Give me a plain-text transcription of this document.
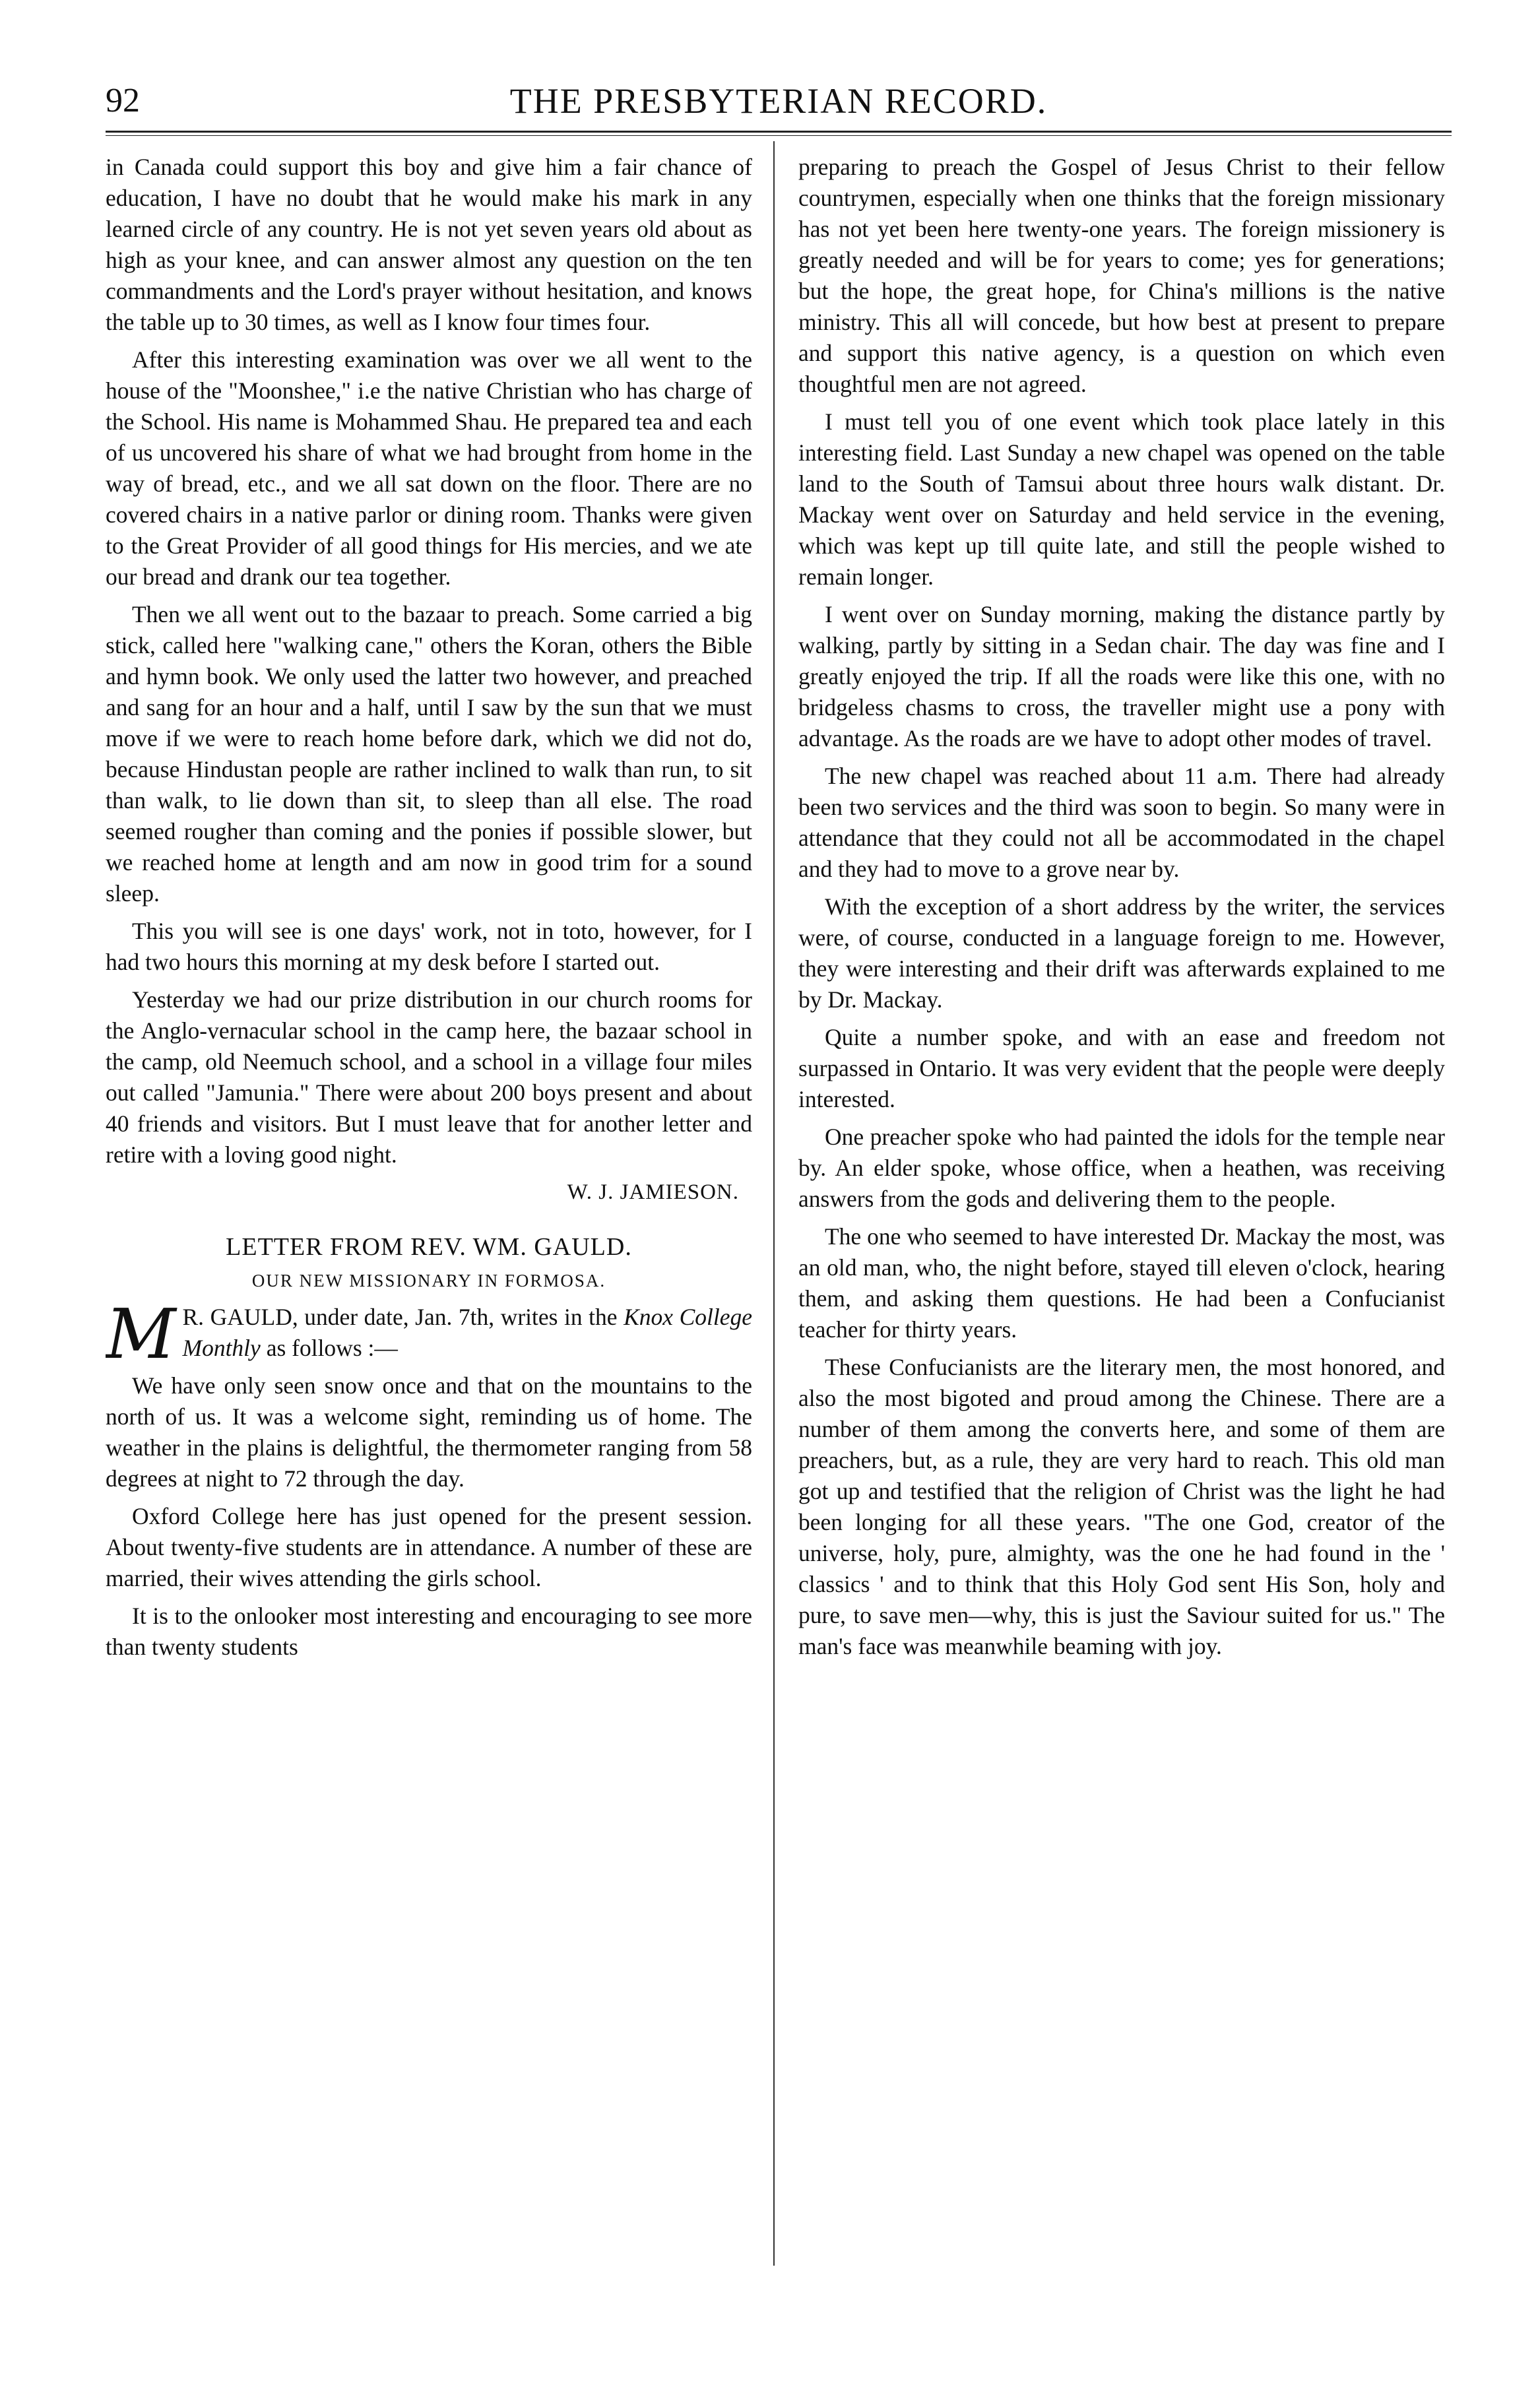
92	THE PRESBYTERIAN RECORD.

in Canada could support this boy and give him a fair chance of education, I have no doubt that he would make his mark in any learned circle of any country. He is not yet seven years old about as high as your knee, and can answer almost any question on the ten commandments and the Lord's prayer without hesitation, and knows the table up to 30 times, as well as I know four times four.

After this interesting examination was over we all went to the house of the "Moonshee," i.e the native Christian who has charge of the School. His name is Mohammed Shau. He prepared tea and each of us uncovered his share of what we had brought from home in the way of bread, etc., and we all sat down on the floor. There are no covered chairs in a native parlor or dining room. Thanks were given to the Great Provider of all good things for His mercies, and we ate our bread and drank our tea together.

Then we all went out to the bazaar to preach. Some carried a big stick, called here "walking cane," others the Koran, others the Bible and hymn book. We only used the latter two however, and preached and sang for an hour and a half, until I saw by the sun that we must move if we were to reach home before dark, which we did not do, because Hindustan people are rather inclined to walk than run, to sit than walk, to lie down than sit, to sleep than all else. The road seemed rougher than coming and the ponies if possible slower, but we reached home at length and am now in good trim for a sound sleep.

This you will see is one days' work, not in toto, however, for I had two hours this morning at my desk before I started out.

Yesterday we had our prize distribution in our church rooms for the Anglo-vernacular school in the camp here, the bazaar school in the camp, old Neemuch school, and a school in a village four miles out called "Jamunia." There were about 200 boys present and about 40 friends and visitors. But I must leave that for another letter and retire with a loving good night.

W. J. JAMIESON.
LETTER FROM REV. WM. GAULD.
OUR NEW MISSIONARY IN FORMOSA.

M R. GAULD, under date, Jan. 7th, writes in the Knox College Monthly as follows :—

We have only seen snow once and that on the mountains to the north of us. It was a welcome sight, reminding us of home. The weather in the plains is delightful, the thermometer ranging from 58 degrees at night to 72 through the day.

Oxford College here has just opened for the present session. About twenty-five students are in attendance. A number of these are married, their wives attending the girls school.

It is to the onlooker most interesting and encouraging to see more than twenty students

preparing to preach the Gospel of Jesus Christ to their fellow countrymen, especially when one thinks that the foreign missionary has not yet been here twenty-one years. The foreign missionery is greatly needed and will be for years to come; yes for generations; but the hope, the great hope, for China's millions is the native ministry. This all will concede, but how best at present to prepare and support this native agency, is a question on which even thoughtful men are not agreed.

I must tell you of one event which took place lately in this interesting field. Last Sunday a new chapel was opened on the table land to the South of Tamsui about three hours walk distant. Dr. Mackay went over on Saturday and held service in the evening, which was kept up till quite late, and still the people wished to remain longer.

I went over on Sunday morning, making the distance partly by walking, partly by sitting in a Sedan chair. The day was fine and I greatly enjoyed the trip. If all the roads were like this one, with no bridgeless chasms to cross, the traveller might use a pony with advantage. As the roads are we have to adopt other modes of travel.

The new chapel was reached about 11 a.m. There had already been two services and the third was soon to begin. So many were in attendance that they could not all be accommodated in the chapel and they had to move to a grove near by.

With the exception of a short address by the writer, the services were, of course, conducted in a language foreign to me. However, they were interesting and their drift was afterwards explained to me by Dr. Mackay.

Quite a number spoke, and with an ease and freedom not surpassed in Ontario. It was very evident that the people were deeply interested.

One preacher spoke who had painted the idols for the temple near by. An elder spoke, whose office, when a heathen, was receiving answers from the gods and delivering them to the people.

The one who seemed to have interested Dr. Mackay the most, was an old man, who, the night before, stayed till eleven o'clock, hearing them, and asking them questions. He had been a Confucianist teacher for thirty years.

These Confucianists are the literary men, the most honored, and also the most bigoted and proud among the Chinese. There are a number of them among the converts here, and some of them are preachers, but, as a rule, they are very hard to reach. This old man got up and testified that the religion of Christ was the light he had been longing for all these years. "The one God, creator of the universe, holy, pure, almighty, was the one he had found in the ' classics ' and to think that this Holy God sent His Son, holy and pure, to save men—why, this is just the Saviour suited for us." The man's face was meanwhile beaming with joy.
